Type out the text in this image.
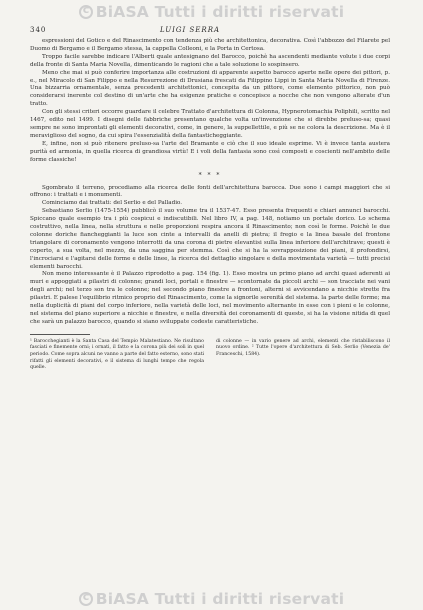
cBiASA Tutti i diritti riservati
340	LUIGI SERRA

espressioni del Gotico e del Rinascimento con tendenza più che architettonica, decorativa. Così l'abbozzo del Filarete pel Duomo di Bergamo e il Bergamo stessa, la cappella Colleoni, e la Porta in Certosa.

Troppo facile sarebbe indicare l'Alberti quale antesignano del Barocco, poichè ha ascendenti mediante volute i due corpi della fronte di Santa Maria Novella, dimenticando le ragioni che a tale soluzione lo sospinsero.

Meno che mai si può conferire importanza alle costruzioni di apparente aspetto barocco aperte nelle opere dei pittori, p. e., nel Miracolo di San Filippo e nella Resurrezione di Drusiana frescati da Filippino Lippi in Santa Maria Novella di Firenze. Una bizzarria ornamentale, senza precedenti architettonici, concepita da un pittore, come elemento pittorico, non può considerarsi inerente col destino di un'arte che ha esigenze pratiche e concepisce a nocche che non vengono alterate d'un tratto.

Con gli stessi criteri occorre guardare il celebre Trattato d'architettura di Colonna, Hypnerotomachia Poliphili, scritto nel 1467, edito nel 1499. I disegni delle fabbriche presentano qualche volta un'invenzione che si direbbe preluso-sa; quasi sempre ne sono improntati gli elementi decorativi, come, in genere, la suppellettile, e più se ne colora la descrizione. Ma è il meraviglioso del sogno, da cui spira l'essenzialità della fantasticheggiante.

E, infine, non si può ritenere preluso-sa l'arte del Bramante e ciò che il suo ideale esprime. Vi è invece tanta austera purità ed armonia, in quella ricerca di grandiosa virtù! E i voli della fantasia sono così composti e coscienti nell'ambito delle forme classiche!

* * *

Sgombrato il terreno, procediamo alla ricerca delle fonti dell'architettura barocca. Due sono i campi maggiori che si offrono: i trattati e i monumenti.

Cominciamo dai trattati: del Serlio e del Palladio.

Sebastiano Serlio (1475-1554) pubblicò il suo volume tra il 1537-47. Esso presenta frequenti e chiari annunci barocchi. Spiccano quale esempio tra i più cospicui e indiscutibili. Nel libro IV, a pag. 148, notiamo un portale dorico. Lo schema costruttivo, nella linea, nella struttura e nelle proporzioni respira ancora il Rinascimento; non così le forme. Poichè le due colonne doriche fiancheggianti la luce son cinte a intervalli da anelli di pietra; il fregio e la linea basale del frontone triangolare di coronamento vengono interrotti da una corona di pietre elevantisi sulla linea inferiore dell'architrave; questi è coperto, a sua volta, nel mezzo, da una saggina per stemma. Così che si ha la sovrapposizione dei piani, il profondirsi, l'incrociarsi e l'agitarsi delle forme e delle linee, la ricerca del dettaglio singolare e della movimentata varietà — tutti precisi elementi barocchi.

Non meno interessante è il Palazzo riprodotto a pag. 154 (fig. 1). Esso mostra un primo piano ad archi quasi aderenti ai muri e appoggiati a pilastri di colonne; grandi loci, portali e finestre — scontornate da piccoli archi — son tracciate nei vani degli archi; nel terzo son tra le colonne; nel secondo piano finestre a frontoni, alterni si avvicendano a nicchie strette fra pilastri. E palese l'equilibrio ritmico proprio del Rinascimento, come la signorile serenità del sistema. la parte delle forme; ma nella duplicità di piani del corpo inferiore, nella varietà delle loci, nel movimento alternante in esse con i pieni e le colonne, nel sistema del piano superiore a nicchie e finestre, e nella diversità dei coronamenti di queste, si ha la visione nitida di quel che sarà un palazzo barocco, quando si siano sviluppate codeste caratteristiche.

¹ Barocchegianti è la Santa Casa del Tempio Malatestiano. Ne risultano fasciati e finemente orni; i ornati, il fatto e la corona più dei soli in quel periodo. Come sopra alcuni ne vanno a parte del fatto esterno, sono stati rifatti gli elementi decorativi, e il sistema di lunghi tempo che regola quelle.
di colonne — in vario genere ad archi, elementi che ristabiliscono il nuovo ordine. ² Tutte l'opere d'architettura di Seb. Serlio (Venezia de' Franceschi, 1584).
cBiASA Tutti i diritti riservati
